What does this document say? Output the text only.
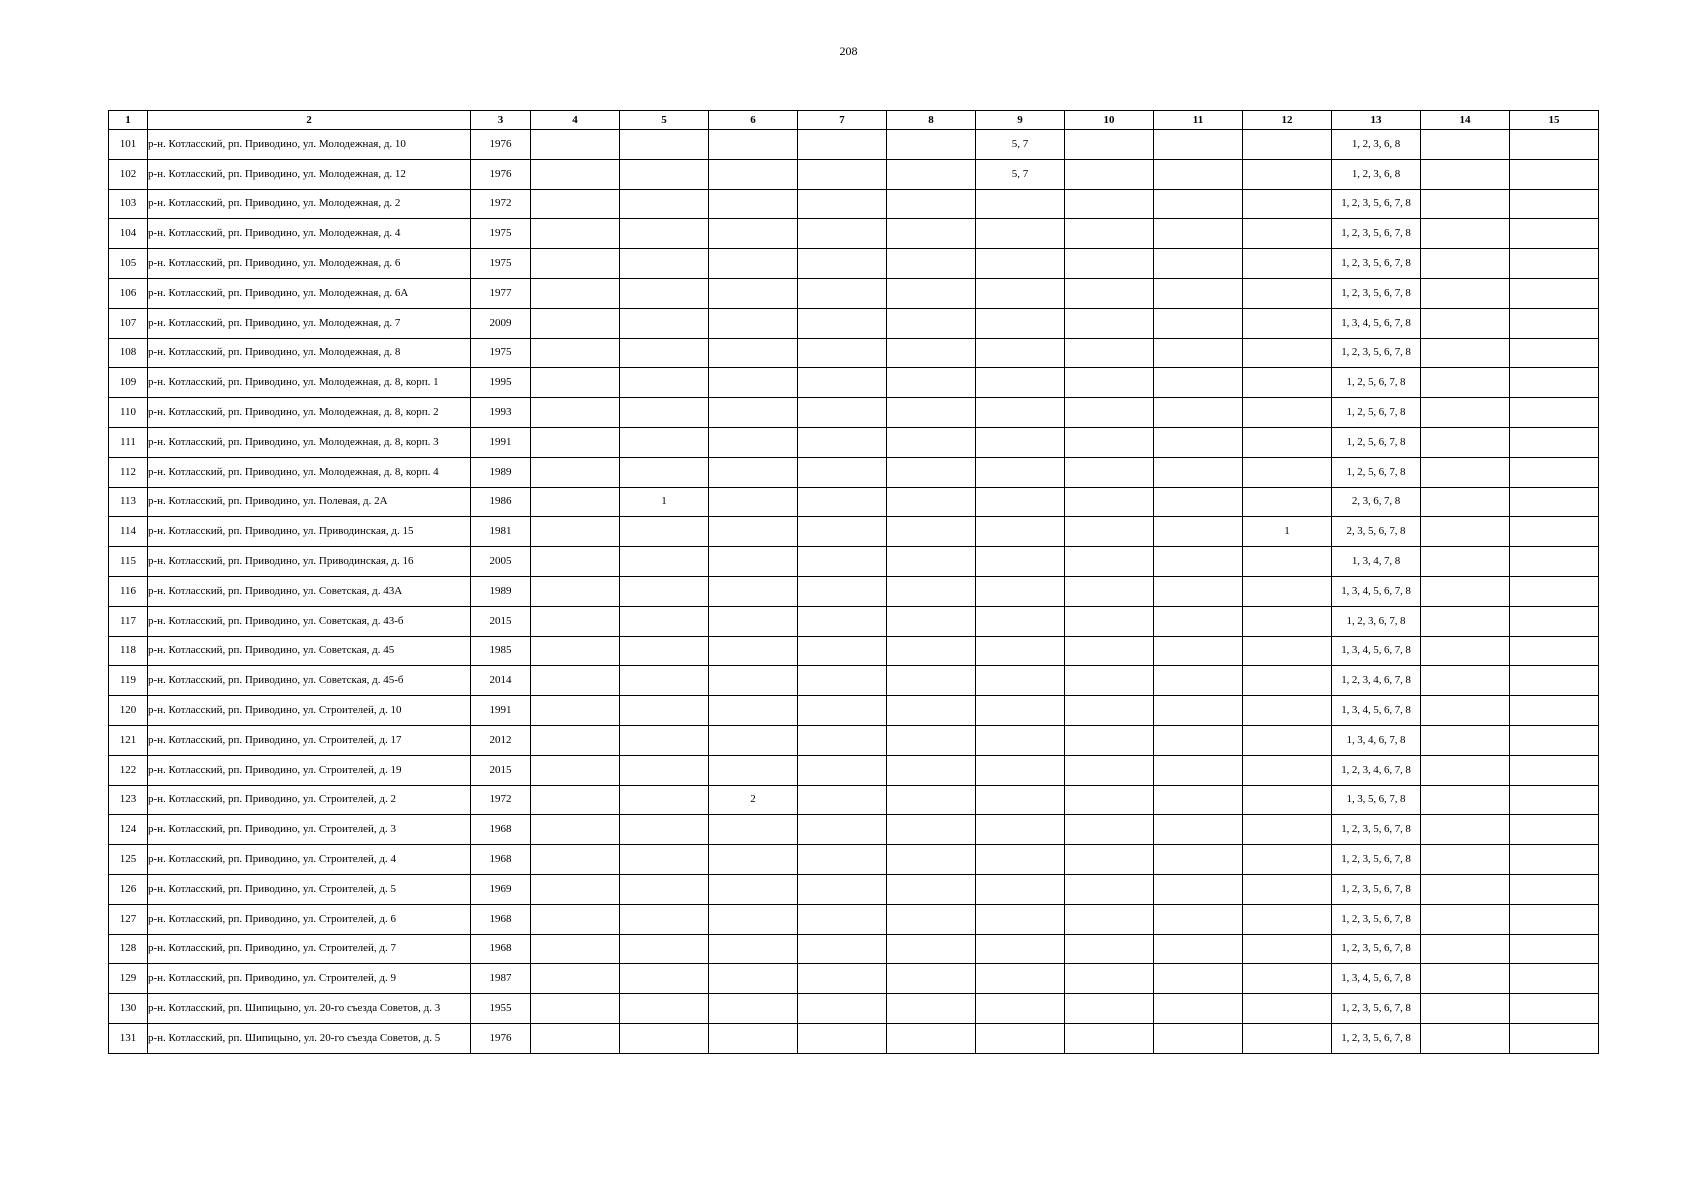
208
1	2	3	4	5	6	7	8	9	10	11	12	13	14	15
101	р-н. Котласский, рп. Приводино, ул. Молодежная, д. 10	1976						5, 7				1, 2, 3, 6, 8		
102	р-н. Котласский, рп. Приводино, ул. Молодежная, д. 12	1976						5, 7				1, 2, 3, 6, 8		
103	р-н. Котласский, рп. Приводино, ул. Молодежная, д. 2	1972										1, 2, 3, 5, 6, 7, 8		
104	р-н. Котласский, рп. Приводино, ул. Молодежная, д. 4	1975										1, 2, 3, 5, 6, 7, 8		
105	р-н. Котласский, рп. Приводино, ул. Молодежная, д. 6	1975										1, 2, 3, 5, 6, 7, 8		
106	р-н. Котласский, рп. Приводино, ул. Молодежная, д. 6А	1977										1, 2, 3, 5, 6, 7, 8		
107	р-н. Котласский, рп. Приводино, ул. Молодежная, д. 7	2009										1, 3, 4, 5, 6, 7, 8		
108	р-н. Котласский, рп. Приводино, ул. Молодежная, д. 8	1975										1, 2, 3, 5, 6, 7, 8		
109	р-н. Котласский, рп. Приводино, ул. Молодежная, д. 8, корп. 1	1995										1, 2, 5, 6, 7, 8		
110	р-н. Котласский, рп. Приводино, ул. Молодежная, д. 8, корп. 2	1993										1, 2, 5, 6, 7, 8		
111	р-н. Котласский, рп. Приводино, ул. Молодежная, д. 8, корп. 3	1991										1, 2, 5, 6, 7, 8		
112	р-н. Котласский, рп. Приводино, ул. Молодежная, д. 8, корп. 4	1989										1, 2, 5, 6, 7, 8		
113	р-н. Котласский, рп. Приводино, ул. Полевая, д. 2А	1986		1								2, 3, 6, 7, 8		
114	р-н. Котласский, рп. Приводино, ул. Приводинская, д. 15	1981									1	2, 3, 5, 6, 7, 8		
115	р-н. Котласский, рп. Приводино, ул. Приводинская, д. 16	2005										1, 3, 4, 7, 8		
116	р-н. Котласский, рп. Приводино, ул. Советская, д. 43А	1989										1, 3, 4, 5, 6, 7, 8		
117	р-н. Котласский, рп. Приводино, ул. Советская, д. 43-б	2015										1, 2, 3, 6, 7, 8		
118	р-н. Котласский, рп. Приводино, ул. Советская, д. 45	1985										1, 3, 4, 5, 6, 7, 8		
119	р-н. Котласский, рп. Приводино, ул. Советская, д. 45-б	2014										1, 2, 3, 4, 6, 7, 8		
120	р-н. Котласский, рп. Приводино, ул. Строителей, д. 10	1991										1, 3, 4, 5, 6, 7, 8		
121	р-н. Котласский, рп. Приводино, ул. Строителей, д. 17	2012										1, 3, 4, 6, 7, 8		
122	р-н. Котласский, рп. Приводино, ул. Строителей, д. 19	2015										1, 2, 3, 4, 6, 7, 8		
123	р-н. Котласский, рп. Приводино, ул. Строителей, д. 2	1972			2							1, 3, 5, 6, 7, 8		
124	р-н. Котласский, рп. Приводино, ул. Строителей, д. 3	1968										1, 2, 3, 5, 6, 7, 8		
125	р-н. Котласский, рп. Приводино, ул. Строителей, д. 4	1968										1, 2, 3, 5, 6, 7, 8		
126	р-н. Котласский, рп. Приводино, ул. Строителей, д. 5	1969										1, 2, 3, 5, 6, 7, 8		
127	р-н. Котласский, рп. Приводино, ул. Строителей, д. 6	1968										1, 2, 3, 5, 6, 7, 8		
128	р-н. Котласский, рп. Приводино, ул. Строителей, д. 7	1968										1, 2, 3, 5, 6, 7, 8		
129	р-н. Котласский, рп. Приводино, ул. Строителей, д. 9	1987										1, 3, 4, 5, 6, 7, 8		
130	р-н. Котласский, рп. Шипицыно, ул. 20-го съезда Советов, д. 3	1955										1, 2, 3, 5, 6, 7, 8		
131	р-н. Котласский, рп. Шипицыно, ул. 20-го съезда Советов, д. 5	1976										1, 2, 3, 5, 6, 7, 8		
